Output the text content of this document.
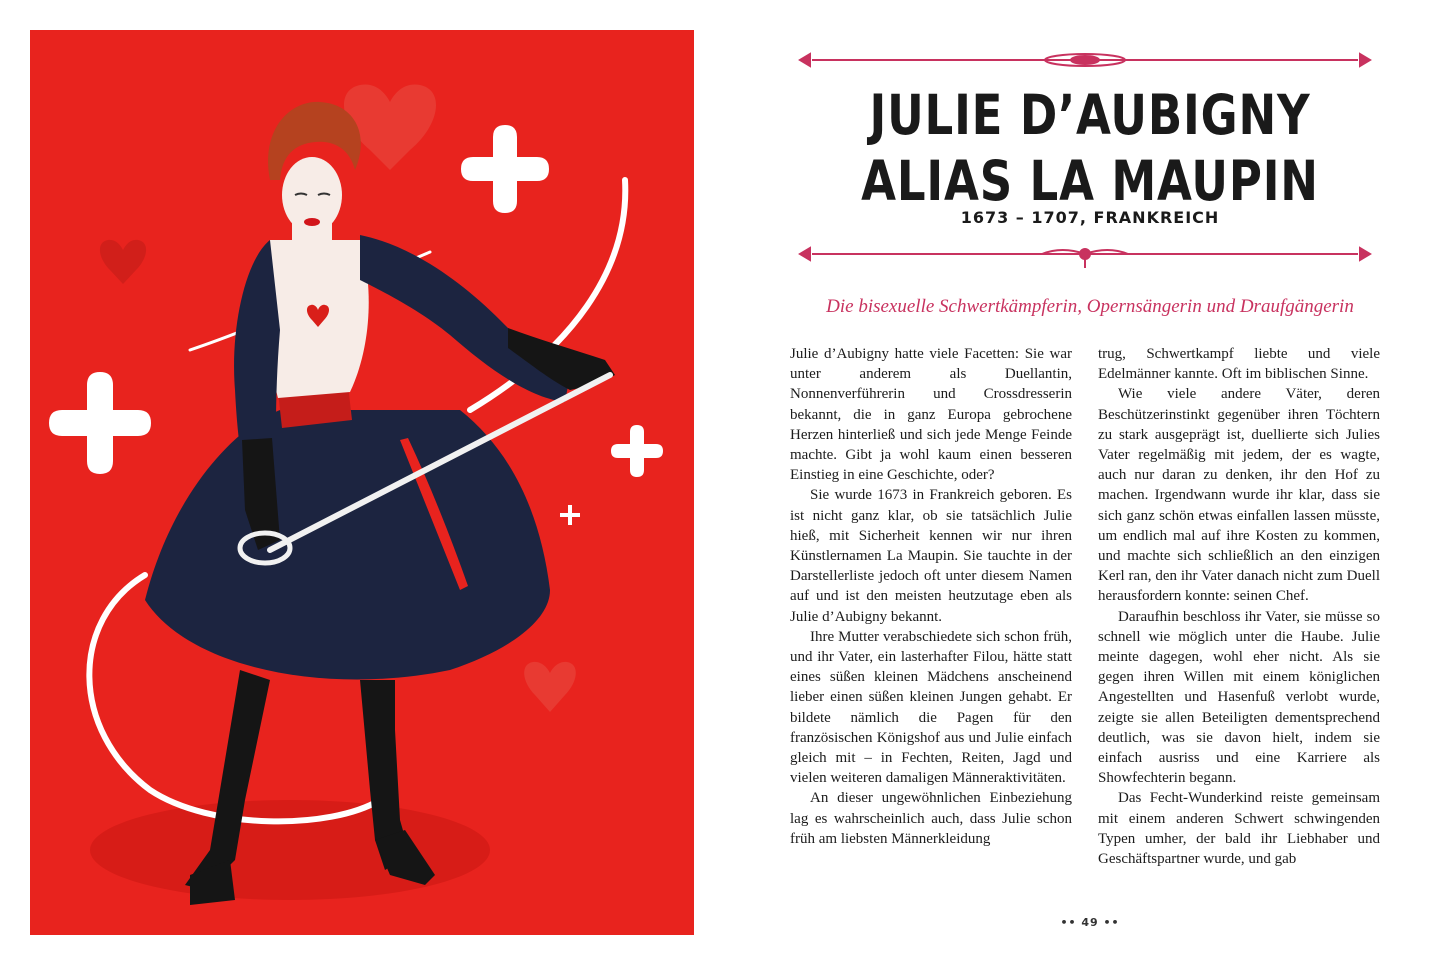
JULIE D’AUBIGNY
ALIAS LA MAUPIN
1673 – 1707, FRANKREICH
Die bisexuelle Schwertkämpferin, Opernsängerin und Draufgängerin

Julie d’Aubigny hatte viele Facetten: Sie war unter anderem als Duellantin, Nonnenverführerin und Crossdresserin bekannt, die in ganz Europa gebrochene Herzen hinterließ und sich jede Menge Feinde machte. Gibt ja wohl kaum einen besseren Einstieg in eine Geschichte, oder?

Sie wurde 1673 in Frankreich geboren. Es ist nicht ganz klar, ob sie tatsächlich Julie hieß, mit Sicherheit kennen wir nur ihren Künstlernamen La Maupin. Sie tauchte in der Darstellerliste jedoch oft unter diesem Namen auf und ist den meisten heutzutage eben als Julie d’Aubigny bekannt.

Ihre Mutter verabschiedete sich schon früh, und ihr Vater, ein lasterhafter Filou, hätte statt eines süßen kleinen Mädchens anscheinend lieber einen süßen kleinen Jungen gehabt. Er bildete nämlich die Pagen für den französischen Königshof aus und Julie einfach gleich mit – in Fechten, Reiten, Jagd und vielen weiteren damaligen Männeraktivitäten.

An dieser ungewöhnlichen Einbeziehung lag es wahrscheinlich auch, dass Julie schon früh am liebsten Männerkleidung

trug, Schwertkampf liebte und viele Edelmänner kannte. Oft im biblischen Sinne.

Wie viele andere Väter, deren Beschützerinstinkt gegenüber ihren Töchtern zu stark ausgeprägt ist, duellierte sich Julies Vater regelmäßig mit jedem, der es wagte, auch nur daran zu denken, ihr den Hof zu machen. Irgendwann wurde ihr klar, dass sie sich ganz schön etwas einfallen lassen müsste, um endlich mal auf ihre Kosten zu kommen, und machte sich schließlich an den einzigen Kerl ran, den ihr Vater danach nicht zum Duell herausfordern konnte: seinen Chef.

Daraufhin beschloss ihr Vater, sie müsse so schnell wie möglich unter die Haube. Julie meinte dagegen, wohl eher nicht. Als sie gegen ihren Willen mit einem königlichen Angestellten und Hasenfuß verlobt wurde, zeigte sie allen Beteiligten dementsprechend deutlich, was sie davon hielt, indem sie einfach ausriss und eine Karriere als Showfechterin begann.

Das Fecht-Wunderkind reiste gemeinsam mit einem anderen Schwert schwingenden Typen umher, der bald ihr Liebhaber und Geschäftspartner wurde, und gab

•• 49 ••
